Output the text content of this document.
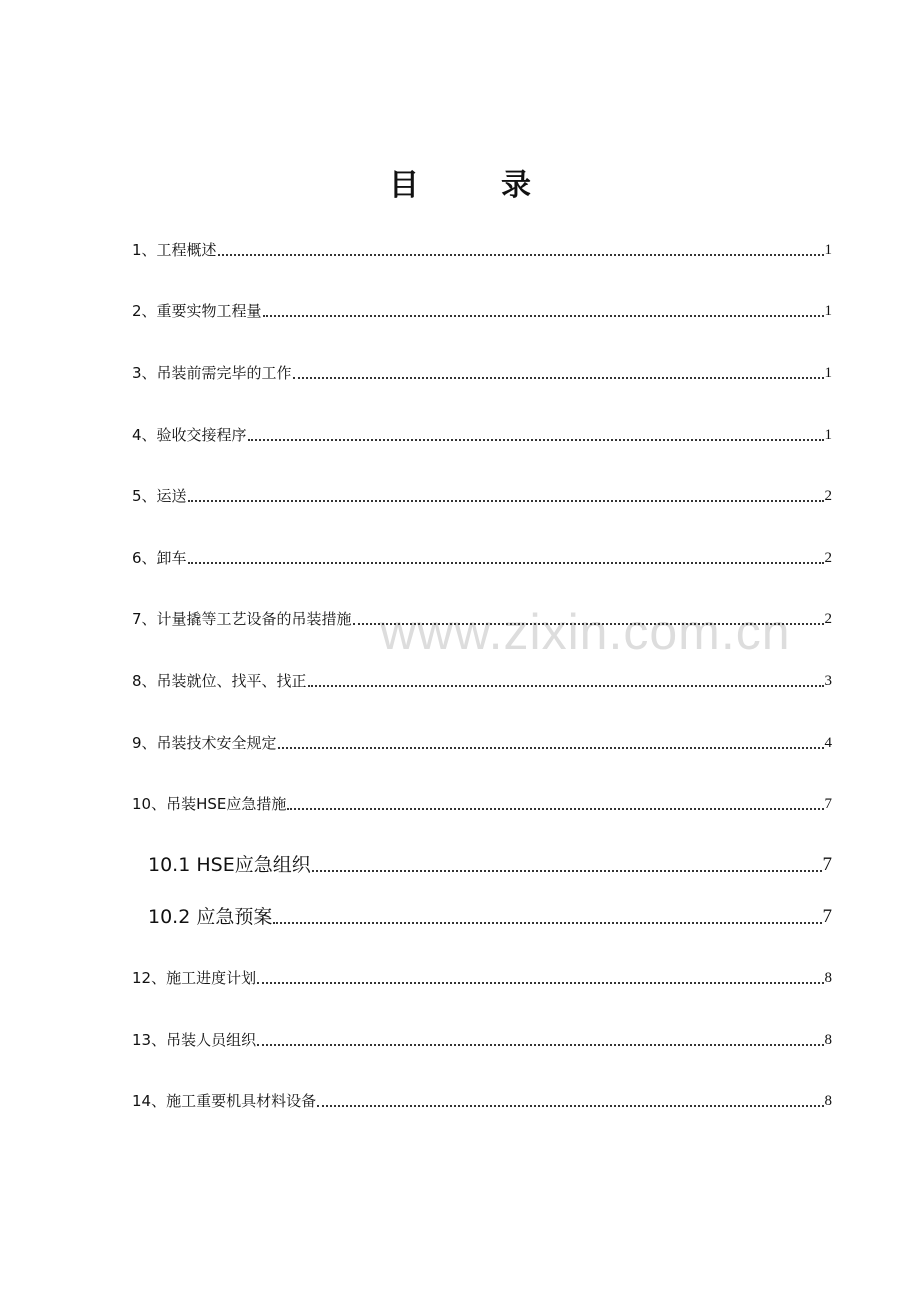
www.zixin.com.cn
目	录
1、工程概述	1
2、重要实物工程量	1
3、吊装前需完毕的工作	1
4、验收交接程序	1
5、运送	2
6、卸车	2
7、计量撬等工艺设备的吊装措施	2
8、吊装就位、找平、找正	3
9、吊装技术安全规定	4
10、吊装HSE应急措施	7
10.1 HSE应急组织	7
10.2 应急预案	7
12、施工进度计划	8
13、吊装人员组织	8
14、施工重要机具材料设备	8
